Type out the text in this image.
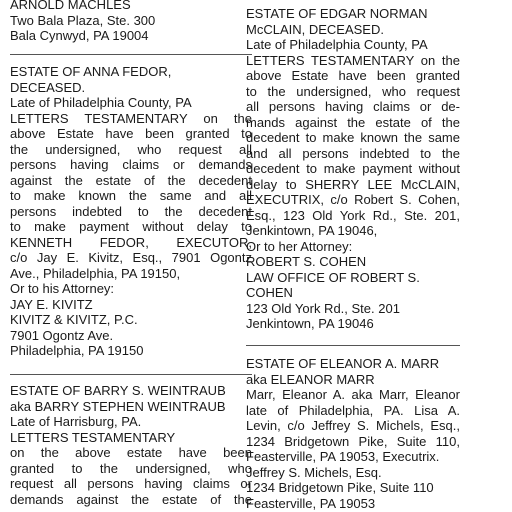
ARNOLD MACHLES
Two Bala Plaza, Ste. 300
Bala Cynwyd, PA 19004
ESTATE OF ANNA FEDOR,
DECEASED.
Late of Philadelphia County, PA
LETTERS TESTAMENTARY on the
above Estate have been granted to
the undersigned, who request all
persons having claims or demands
against the estate of the decedent
to make known the same and all
persons indebted to the decedent
to make payment without delay to
KENNETH FEDOR, EXECUTOR,
c/o Jay E. Kivitz, Esq., 7901 Ogontz
Ave., Philadelphia, PA 19150,
Or to his Attorney:
JAY E. KIVITZ
KIVITZ & KIVITZ, P.C.
7901 Ogontz Ave.
Philadelphia, PA 19150
ESTATE OF BARRY S. WEINTRAUB
aka BARRY STEPHEN WEINTRAUB
Late of Harrisburg, PA.
LETTERS TESTAMENTARY
on the above estate have been
granted to the undersigned, who
request all persons having claims or
demands against the estate of the
ESTATE OF EDGAR NORMAN
McCLAIN, DECEASED.
Late of Philadelphia County, PA
LETTERS TESTAMENTARY on the
above Estate have been granted
to the undersigned, who request
all persons having claims or de-
mands against the estate of the
decedent to make known the same
and all persons indebted to the
decedent to make payment without
delay to SHERRY LEE McCLAIN,
EXECUTRIX, c/o Robert S. Cohen,
Esq., 123 Old York Rd., Ste. 201,
Jenkintown, PA 19046,
Or to her Attorney:
ROBERT S. COHEN
LAW OFFICE OF ROBERT S.
COHEN
123 Old York Rd., Ste. 201
Jenkintown, PA 19046
ESTATE OF ELEANOR A. MARR
aka ELEANOR MARR
Marr, Eleanor A. aka Marr, Eleanor
late of Philadelphia, PA. Lisa A.
Levin, c/o Jeffrey S. Michels, Esq.,
1234 Bridgetown Pike, Suite 110,
Feasterville, PA 19053, Executrix.
Jeffrey S. Michels, Esq.
1234 Bridgetown Pike, Suite 110
Feasterville, PA 19053
